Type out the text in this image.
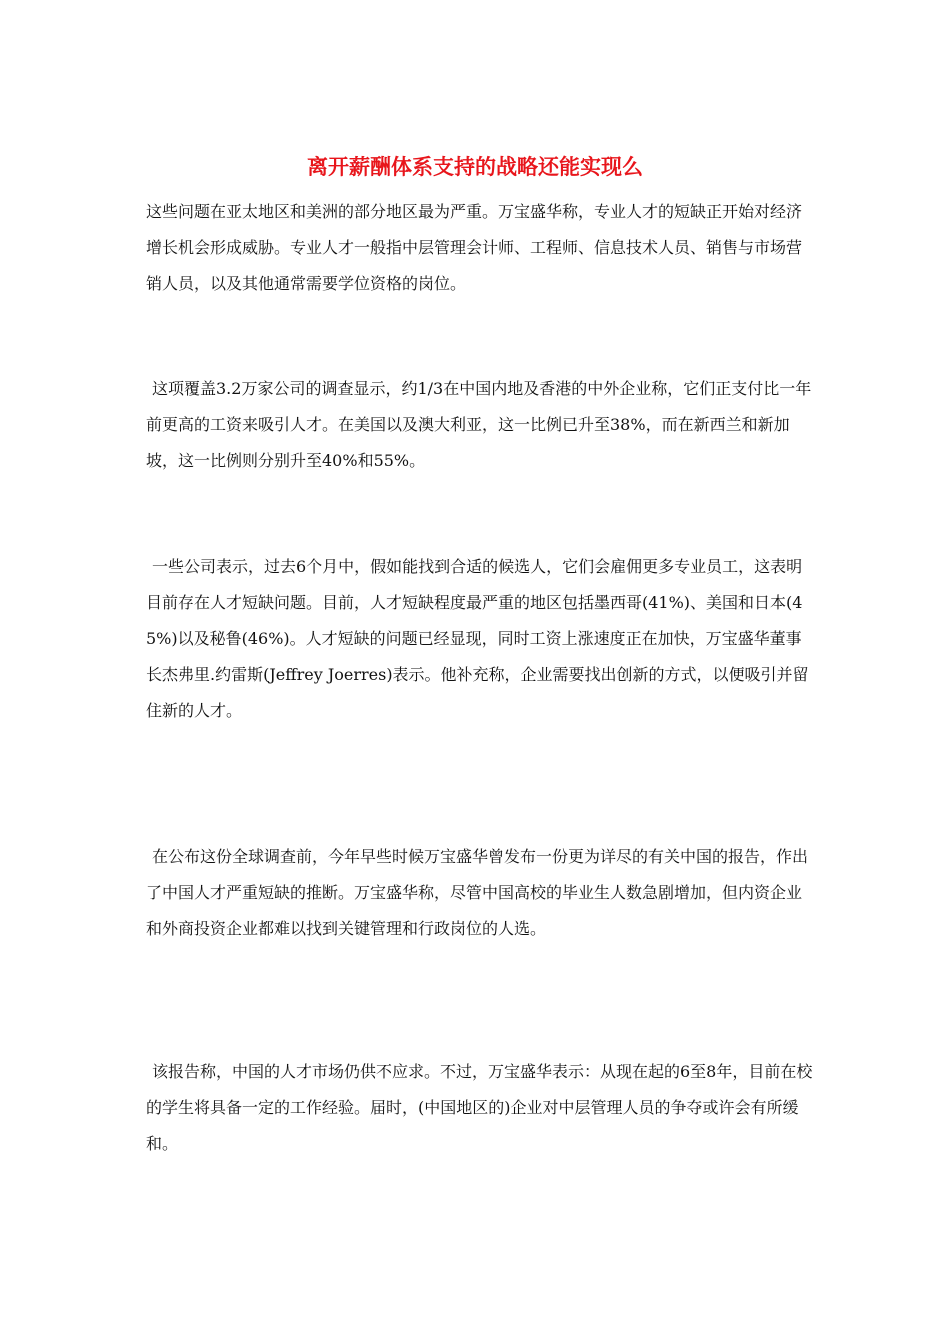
离开薪酬体系支持的战略还能实现么

这些问题在亚太地区和美洲的部分地区最为严重。万宝盛华称，专业人才的短缺正开始对经济增长机会形成威胁。专业人才一般指中层管理会计师、工程师、信息技术人员、销售与市场营销人员，以及其他通常需要学位资格的岗位。

这项覆盖3.2万家公司的调查显示，约1/3在中国内地及香港的中外企业称，它们正支付比一年前更高的工资来吸引人才。在美国以及澳大利亚，这一比例已升至38%，而在新西兰和新加坡，这一比例则分别升至40%和55%。

一些公司表示，过去6个月中，假如能找到合适的候选人，它们会雇佣更多专业员工，这表明目前存在人才短缺问题。目前，人才短缺程度最严重的地区包括墨西哥(41%)、美国和日本(45%)以及秘鲁(46%)。人才短缺的问题已经显现，同时工资上涨速度正在加快，万宝盛华董事长杰弗里.约雷斯(Jeffrey Joerres)表示。他补充称，企业需要找出创新的方式，以便吸引并留住新的人才。

在公布这份全球调查前，今年早些时候万宝盛华曾发布一份更为详尽的有关中国的报告，作出了中国人才严重短缺的推断。万宝盛华称，尽管中国高校的毕业生人数急剧增加，但内资企业和外商投资企业都难以找到关键管理和行政岗位的人选。

该报告称，中国的人才市场仍供不应求。不过，万宝盛华表示：从现在起的6至8年，目前在校的学生将具备一定的工作经验。届时，(中国地区的)企业对中层管理人员的争夺或许会有所缓和。
